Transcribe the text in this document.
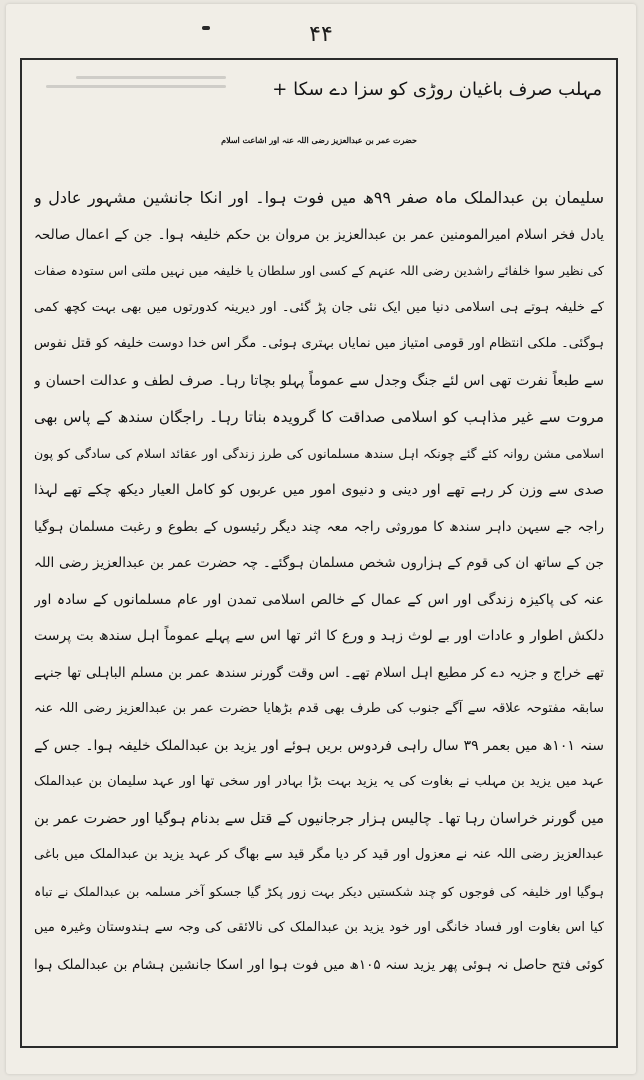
۴۴
مہلب صرف باغیان روڑی کو سزا دے سکا +
حضرت عمر بن عبدالعزیز رضی اللہ عنہ اور اشاعت اسلام
سلیمان بن عبدالملک ماہ صفر ۹۹ھ میں فوت ہوا۔ اور انکا جانشین مشہور عادل و
یادل فخر اسلام امیرالمومنین عمر بن عبدالعزیز بن مروان بن حکم خلیفہ ہوا۔ جن کے اعمال صالحہ
کی نظیر سوا خلفائے راشدین رضی اللہ عنہم کے کسی اور سلطان یا خلیفہ میں نہیں ملتی اس ستودہ صفات
کے خلیفہ ہوتے ہی اسلامی دنیا میں ایک نئی جان پڑ گئی۔ اور دیرینہ کدورتوں میں بھی بہت کچھ کمی
ہوگئی۔ ملکی انتظام اور قومی امتیاز میں نمایاں بہتری ہوئی۔ مگر اس خدا دوست خلیفہ کو قتل نفوس
سے طبعاً نفرت تھی اس لئے جنگ وجدل سے عموماً پہلو بچاتا رہا۔ صرف لطف و عدالت احسان و
مروت سے غیر مذاہب کو اسلامی صداقت کا گرویدہ بناتا رہا۔ راجگان سندھ کے پاس بھی
اسلامی مشن روانہ کئے گئے چونکہ اہل سندھ مسلمانوں کی طرز زندگی اور عقائد اسلام کی سادگی کو پون
صدی سے وزن کر رہے تھے اور دینی و دنیوی امور میں عربوں کو کامل العیار دیکھ چکے تھے لہذا
راجہ جے سیہن داہر سندھ کا موروثی راجہ معہ چند دیگر رئیسوں کے بطوع و رغبت مسلمان ہوگیا
جن کے ساتھ ان کی قوم کے ہزاروں شخص مسلمان ہوگئے۔ چہ حضرت عمر بن عبدالعزیز رضی اللہ
عنہ کی پاکیزہ زندگی اور اس کے عمال کے خالص اسلامی تمدن اور عام مسلمانوں کے سادہ اور
دلکش اطوار و عادات اور بے لوث زہد و ورع کا اثر تھا اس سے پہلے عموماً اہل سندھ بت پرست
تھے خراج و جزیہ دے کر مطیع اہل اسلام تھے۔ اس وقت گورنر سندھ عمر بن مسلم الباہلی تھا جنہے
سابقہ مفتوحہ علاقہ سے آگے جنوب کی طرف بھی قدم بڑھایا حضرت عمر بن عبدالعزیز رضی اللہ عنہ
سنہ ۱۰۱ھ میں بعمر ۳۹ سال راہی فردوس بریں ہوئے اور یزید بن عبدالملک خلیفہ ہوا۔ جس کے
عہد میں یزید بن مہلب نے بغاوت کی یہ یزید بہت بڑا بہادر اور سخی تھا اور عہد سلیمان بن عبدالملک
میں گورنر خراسان رہا تھا۔ چالیس ہزار جرجانیوں کے قتل سے بدنام ہوگیا اور حضرت عمر بن
عبدالعزیز رضی اللہ عنہ نے معزول اور قید کر دیا مگر قید سے بھاگ کر عہد یزید بن عبدالملک میں باغی
ہوگیا اور خلیفہ کی فوجوں کو چند شکستیں دیکر بہت زور پکڑ گیا جسکو آخر مسلمہ بن عبدالملک نے تباہ
کیا اس بغاوت اور فساد خانگی اور خود یزید بن عبدالملک کی نالائقی کی وجہ سے ہندوستان وغیرہ میں
کوئی فتح حاصل نہ ہوئی پھر یزید سنہ ۱۰۵ھ میں فوت ہوا اور اسکا جانشین ہشام بن عبدالملک ہوا
